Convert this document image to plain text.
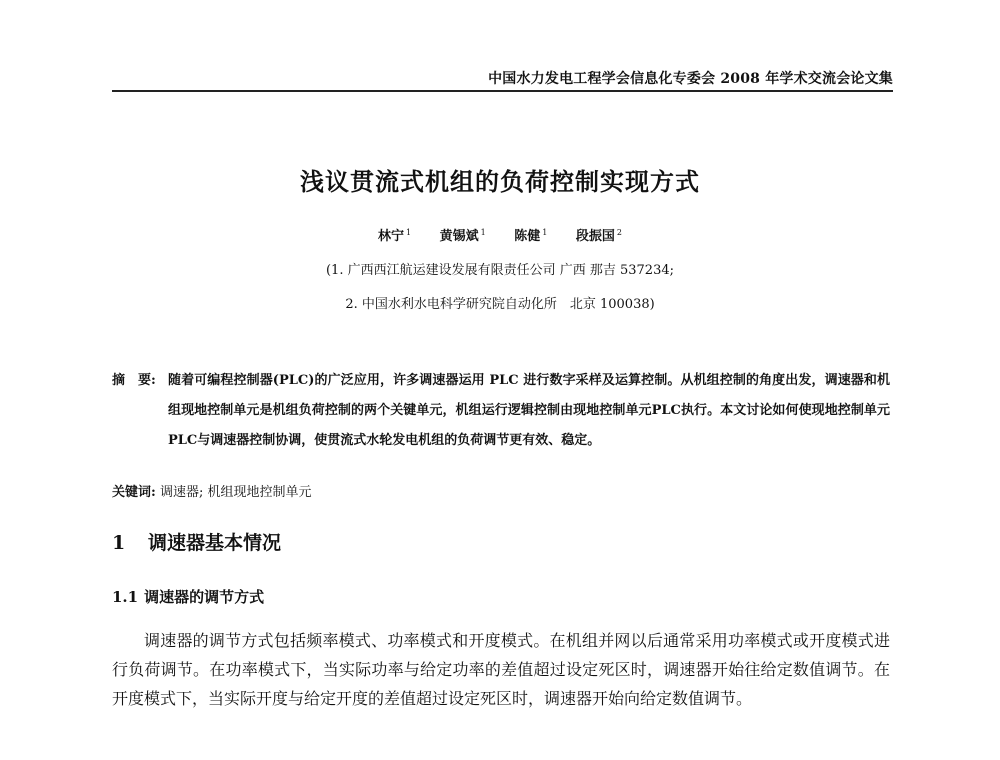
中国水力发电工程学会信息化专委会 2008 年学术交流会论文集
浅议贯流式机组的负荷控制实现方式
林宁 $^1$ 黄锡斌 $^1$ 陈健 $^1$ 段振国 $^2$
(1. 广西西江航运建设发展有限责任公司 广西 那吉 537234;
2. 中国水利水电科学研究院自动化所　北京 100038)
摘　要: 随着可编程控制器(PLC)的广泛应用，许多调速器运用 PLC 进行数字采样及运算控制。从机组控制的角度出发，调速器和机组现地控制单元是机组负荷控制的两个关键单元，机组运行逻辑控制由现地控制单元PLC执行。本文讨论如何使现地控制单元PLC与调速器控制协调，使贯流式水轮发电机组的负荷调节更有效、稳定。
关键词: 调速器; 机组现地控制单元
1 调速器基本情况
1.1 调速器的调节方式
调速器的调节方式包括频率模式、功率模式和开度模式。在机组并网以后通常采用功率模式或开度模式进行负荷调节。在功率模式下，当实际功率与给定功率的差值超过设定死区时，调速器开始往给定数值调节。在开度模式下，当实际开度与给定开度的差值超过设定死区时，调速器开始向给定数值调节。
